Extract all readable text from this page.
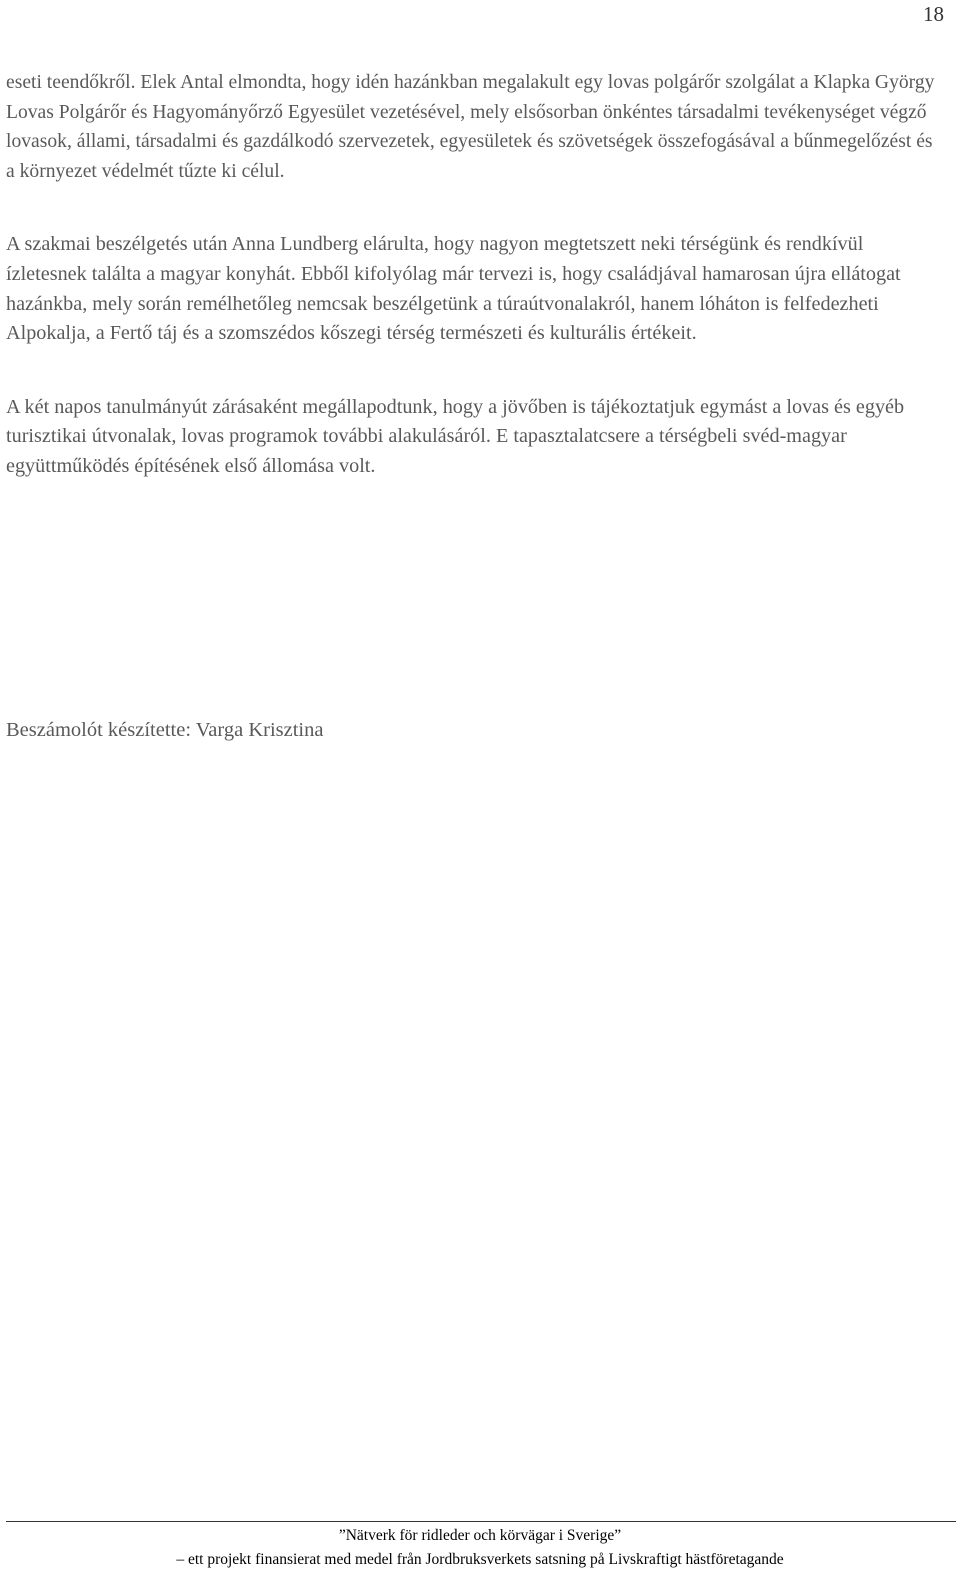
18

eseti teendőkről. Elek Antal elmondta, hogy idén hazánkban megalakult egy lovas polgárőr szolgálat a Klapka György Lovas Polgárőr és Hagyományőrző Egyesület vezetésével, mely elsősorban önkéntes társadalmi tevékenységet végző lovasok, állami, társadalmi és gazdálkodó szervezetek, egyesületek és szövetségek összefogásával a bűnmegelőzést és a környezet védelmét tűzte ki célul.

A szakmai beszélgetés után Anna Lundberg elárulta, hogy nagyon megtetszett neki térségünk és rendkívül ízletesnek találta a magyar konyhát. Ebből kifolyólag már tervezi is, hogy családjával hamarosan újra ellátogat hazánkba, mely során remélhetőleg nemcsak beszélgetünk a túraútvonalakról, hanem lóháton is felfedezheti Alpokalja, a Fertő táj és a szomszédos kőszegi térség természeti és kulturális értékeit.

A két napos tanulmányút zárásaként megállapodtunk, hogy a jövőben is tájékoztatjuk egymást a lovas és egyéb turisztikai útvonalak, lovas programok további alakulásáról. E tapasztalatcsere a térségbeli svéd-magyar együttműködés építésének első állomása volt.

Beszámolót készítette: Varga Krisztina

”Nätverk för ridleder och körvägar i Sverige”
– ett projekt finansierat med medel från Jordbruksverkets satsning på Livskraftigt hästföretagande
